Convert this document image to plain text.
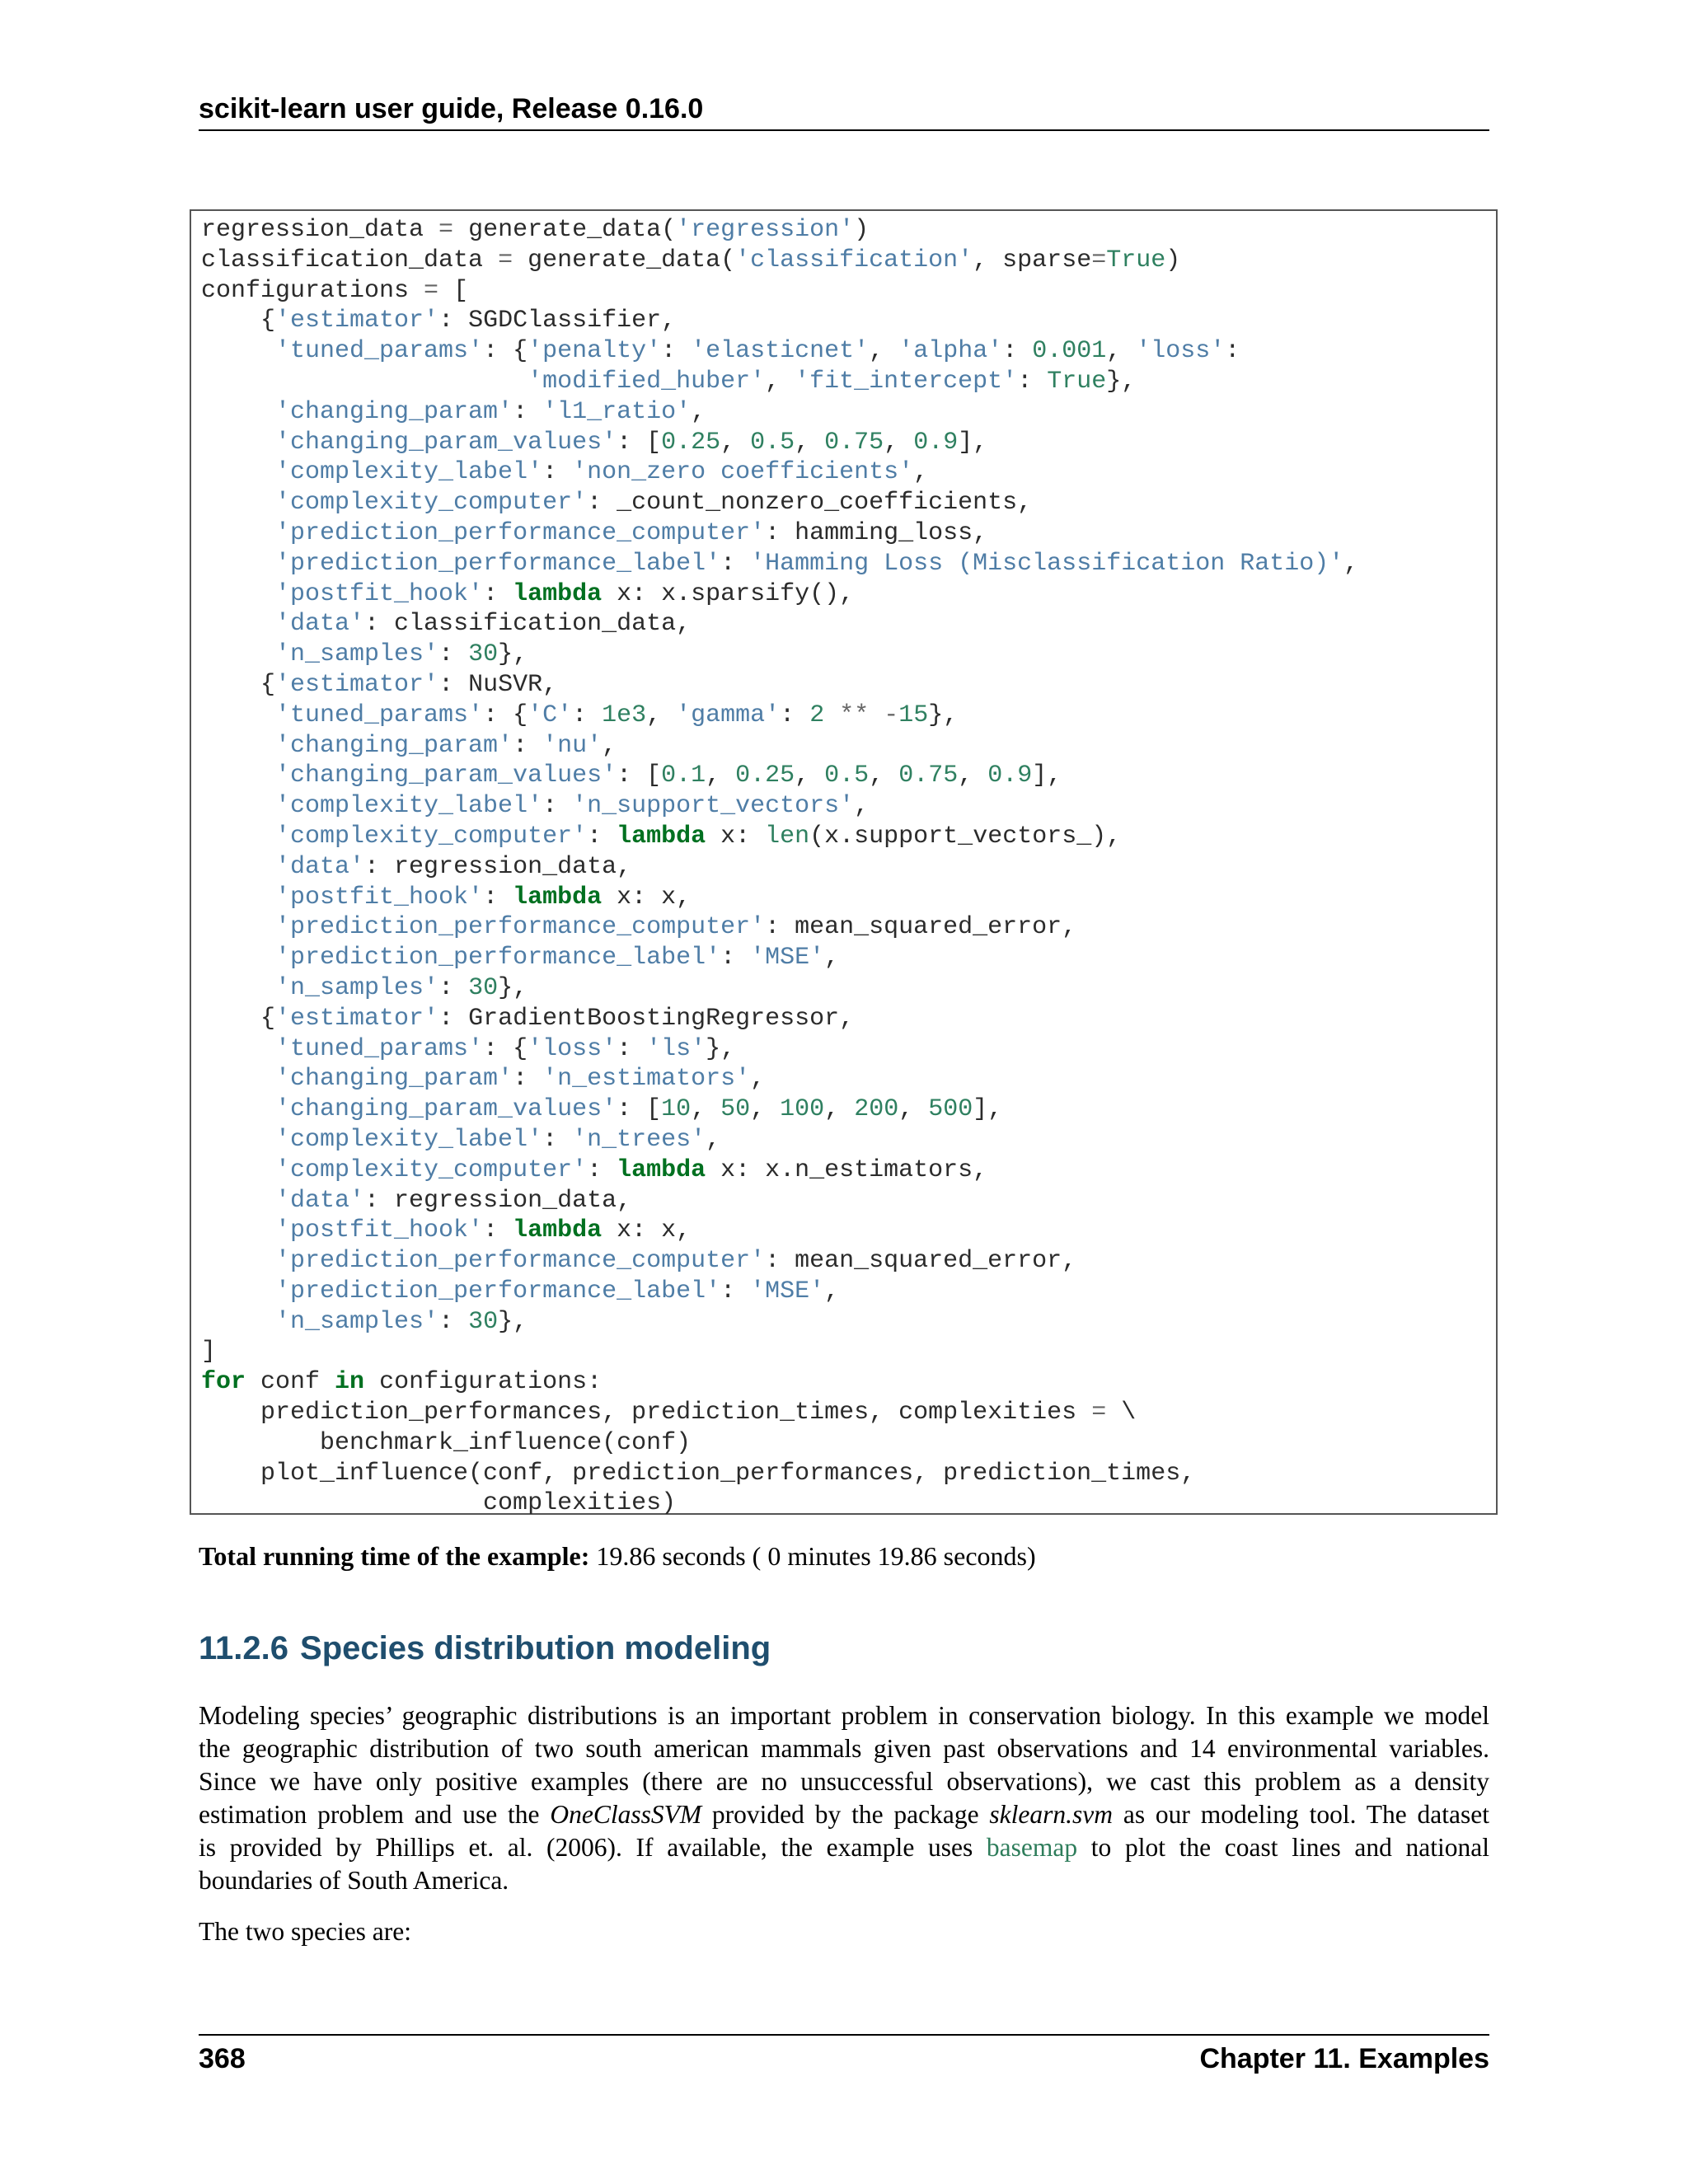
scikit-learn user guide, Release 0.16.0
regression_data = generate_data('regression')
classification_data = generate_data('classification', sparse=True)
configurations = [
{'estimator': SGDClassifier,
'tuned_params': {'penalty': 'elasticnet', 'alpha': 0.001, 'loss':
'modified_huber', 'fit_intercept': True},
'changing_param': 'l1_ratio',
'changing_param_values': [0.25, 0.5, 0.75, 0.9],
'complexity_label': 'non_zero coefficients',
'complexity_computer': _count_nonzero_coefficients,
'prediction_performance_computer': hamming_loss,
'prediction_performance_label': 'Hamming Loss (Misclassification Ratio)',
'postfit_hook': lambda x: x.sparsify(),
'data': classification_data,
'n_samples': 30},
{'estimator': NuSVR,
'tuned_params': {'C': 1e3, 'gamma': 2 ** -15},
'changing_param': 'nu',
'changing_param_values': [0.1, 0.25, 0.5, 0.75, 0.9],
'complexity_label': 'n_support_vectors',
'complexity_computer': lambda x: len(x.support_vectors_),
'data': regression_data,
'postfit_hook': lambda x: x,
'prediction_performance_computer': mean_squared_error,
'prediction_performance_label': 'MSE',
'n_samples': 30},
{'estimator': GradientBoostingRegressor,
'tuned_params': {'loss': 'ls'},
'changing_param': 'n_estimators',
'changing_param_values': [10, 50, 100, 200, 500],
'complexity_label': 'n_trees',
'complexity_computer': lambda x: x.n_estimators,
'data': regression_data,
'postfit_hook': lambda x: x,
'prediction_performance_computer': mean_squared_error,
'prediction_performance_label': 'MSE',
'n_samples': 30},
]
for conf in configurations:
prediction_performances, prediction_times, complexities = \
benchmark_influence(conf)
plot_influence(conf, prediction_performances, prediction_times,
complexities)
Total running time of the example: 19.86 seconds ( 0 minutes 19.86 seconds)
11.2.6 Species distribution modeling
Modeling species’ geographic distributions is an important problem in conservation biology. In this example we model
the geographic distribution of two south american mammals given past observations and 14 environmental variables.
Since we have only positive examples (there are no unsuccessful observations), we cast this problem as a density
estimation problem and use the OneClassSVM provided by the package sklearn.svm as our modeling tool. The dataset
is provided by Phillips et. al. (2006). If available, the example uses basemap to plot the coast lines and national
boundaries of South America.
The two species are:
368	Chapter 11. Examples
